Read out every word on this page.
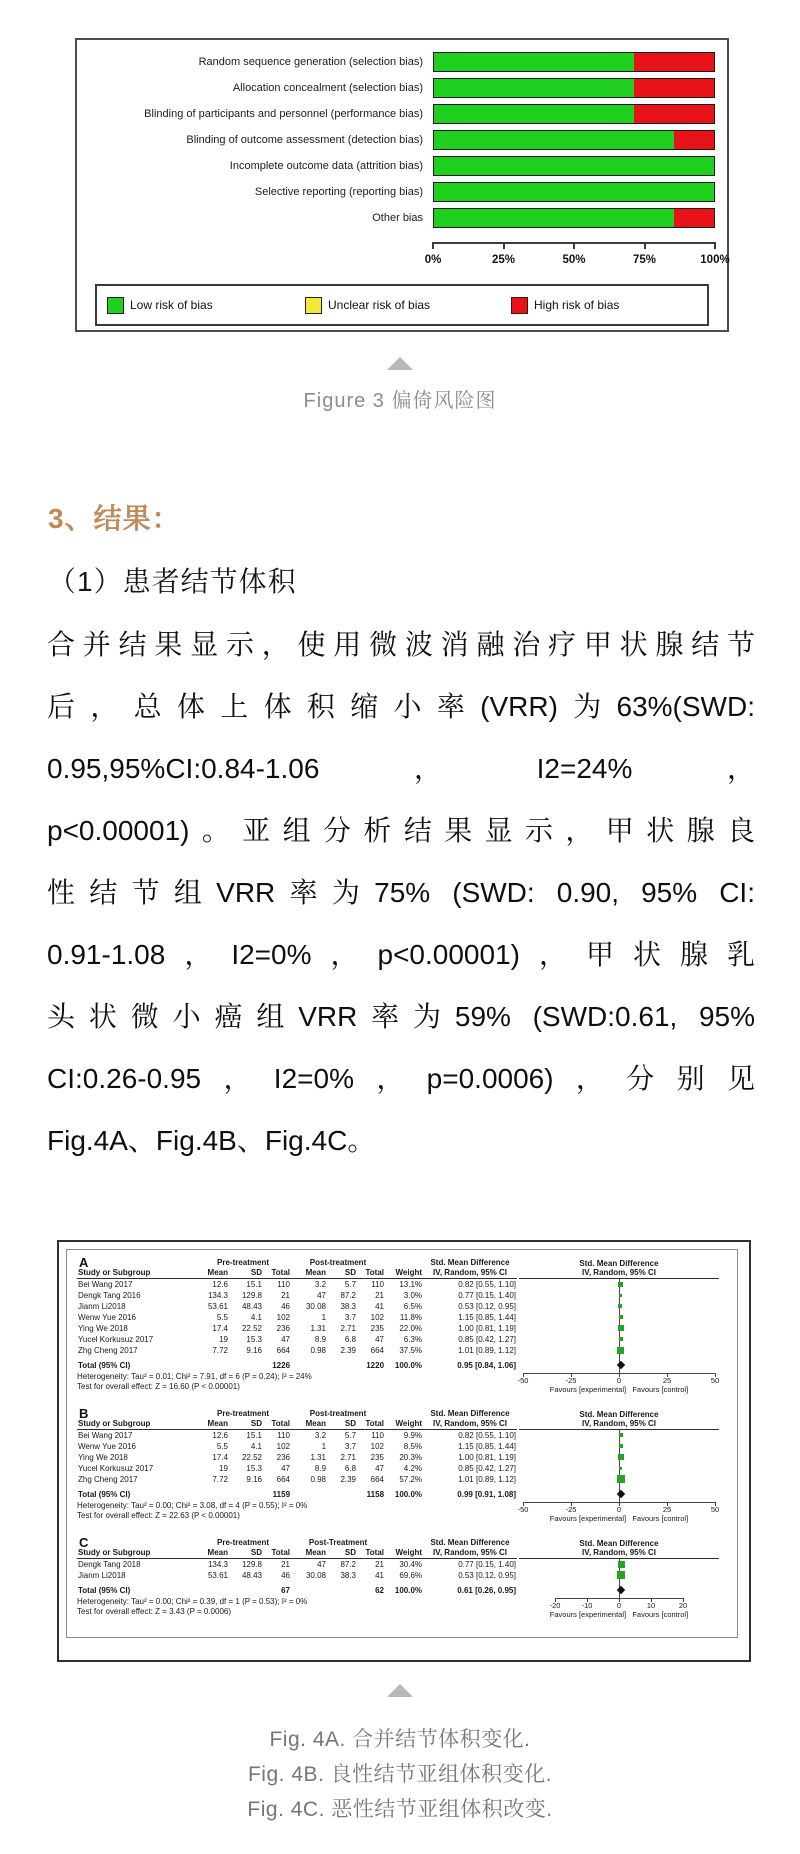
Random sequence generation (selection bias)
Allocation concealment (selection bias)
Blinding of participants and personnel (performance bias)
Blinding of outcome assessment (detection bias)
Incomplete outcome data (attrition bias)
Selective reporting (reporting bias)
Other bias
0%	25%	50%	75%	100%
Low risk of bias	Unclear risk of bias	High risk of bias
Figure 3 偏倚风险图
3、结果：
（1）患者结节体积
合并结果显示，使用微波消融治疗甲状腺结节
后，总体上体积缩小率(VRR)为63%(SWD:
0.95,95%CI:0.84-1.06，I2=24%，
p<0.00001)。亚组分析结果显示，甲状腺良
性结节组VRR率为75% (SWD: 0.90, 95% CI:
0.91-1.08，I2=0%，p<0.00001)，甲状腺乳
头状微小癌组VRR率为59% (SWD:0.61, 95%
CI:0.26-0.95，I2=0%，p=0.0006)，分别见
Fig.4A、Fig.4B、Fig.4C。
A
		Pre-treatment			Post-treatment				Std. Mean Difference
Study or Subgroup	Mean	SD	Total	Mean	SD	Total	Weight	IV, Random, 95% CI
Bei Wang 2017	12.6	15.1	110	3.2	5.7	110	13.1%	0.82 [0.55, 1.10]
Dengk Tang 2016	134.3	129.8	21	47	87.2	21	3.0%	0.77 [0.15, 1.40]
Jianm Li2018	53.61	48.43	46	30.08	38.3	41	6.5%	0.53 [0.12, 0.95]
Wenw Yue 2016	5.5	4.1	102	1	3.7	102	11.8%	1.15 [0.85, 1.44]
Ying We 2018	17.4	22.52	236	1.31	2.71	235	22.0%	1.00 [0.81, 1.19]
Yucel Korkusuz 2017	19	15.3	47	8.9	6.8	47	6.3%	0.85 [0.42, 1.27]
Zhg Cheng 2017	7.72	9.16	664	0.98	2.39	664	37.5%	1.01 [0.89, 1.12]

Total (95% CI)			1226			1220	100.0%	0.95 [0.84, 1.06]
Heterogeneity: Tau² = 0.01; Chi² = 7.91, df = 6 (P = 0.24); I² = 24%
Test for overall effect: Z = 16.60 (P < 0.00001)
Std. Mean Difference
IV, Random, 95% CI
-50	-25	0	25	50
Favours [experimental]   Favours [control]
B
		Pre-treatment			Post-treatment				Std. Mean Difference
Study or Subgroup	Mean	SD	Total	Mean	SD	Total	Weight	IV, Random, 95% CI
Bei Wang 2017	12.6	15.1	110	3.2	5.7	110	9.9%	0.82 [0.55, 1.10]
Wenw Yue 2016	5.5	4.1	102	1	3.7	102	8.5%	1.15 [0.85, 1.44]
Ying We 2018	17.4	22.52	236	1.31	2.71	235	20.3%	1.00 [0.81, 1.19]
Yucel Korkusuz 2017	19	15.3	47	8.9	6.8	47	4.2%	0.85 [0.42, 1.27]
Zhg Cheng 2017	7.72	9.16	664	0.98	2.39	664	57.2%	1.01 [0.89, 1.12]

Total (95% CI)			1159			1158	100.0%	0.99 [0.91, 1.08]
Heterogeneity: Tau² = 0.00; Chi² = 3.08, df = 4 (P = 0.55); I² = 0%
Test for overall effect: Z = 22.63 (P < 0.00001)
Std. Mean Difference
IV, Random, 95% CI
-50	-25	0	25	50
Favours [experimental]   Favours [control]
C
		Pre-treatment			Post-Treatment				Std. Mean Difference
Study or Subgroup	Mean	SD	Total	Mean	SD	Total	Weight	IV, Random, 95% CI
Dengk Tang 2018	134.3	129.8	21	47	87.2	21	30.4%	0.77 [0.15, 1.40]
Jianm Li2018	53.61	48.43	46	30.08	38.3	41	69.6%	0.53 [0.12, 0.95]

Total (95% CI)			67			62	100.0%	0.61 [0.26, 0.95]
Heterogeneity: Tau² = 0.00; Chi² = 0.39, df = 1 (P = 0.53); I² = 0%
Test for overall effect: Z = 3.43 (P = 0.0006)
Std. Mean Difference
IV, Random, 95% CI
-20	-10	0	10	20
Favours [experimental]   Favours [control]
Fig. 4A. 合并结节体积变化.
Fig. 4B. 良性结节亚组体积变化.
Fig. 4C. 恶性结节亚组体积改变.
